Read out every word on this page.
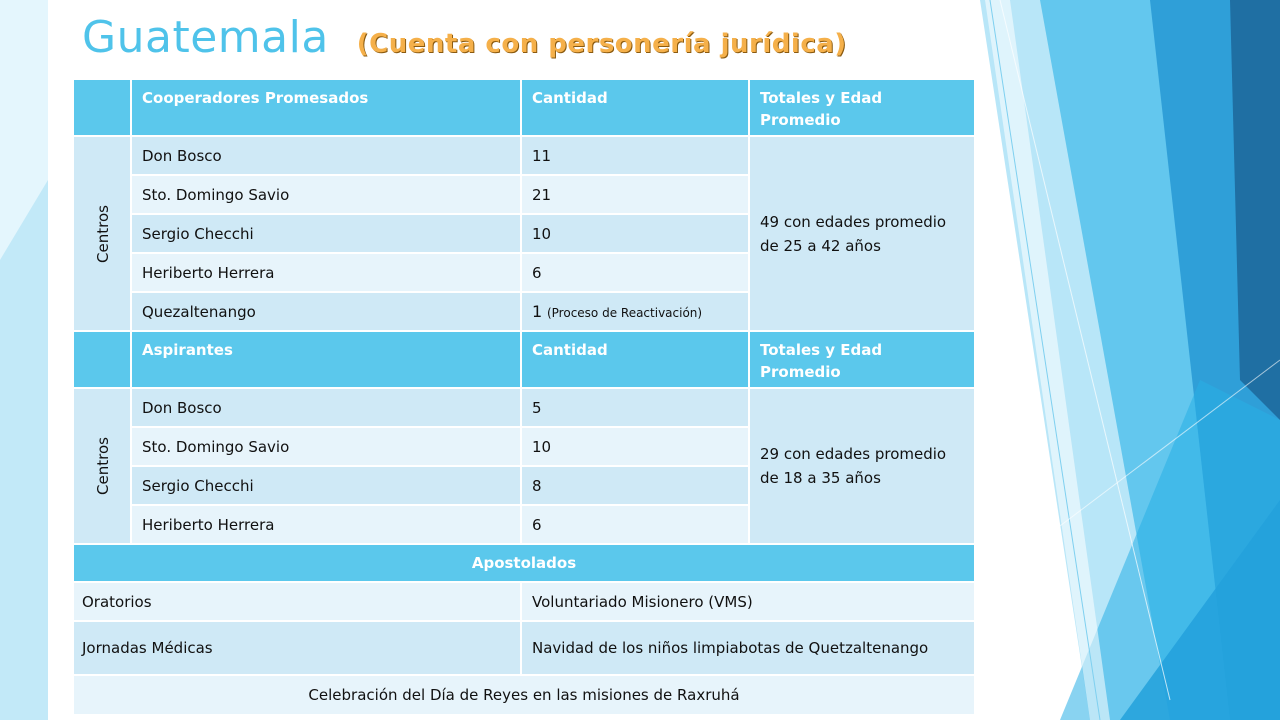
Guatemala (Cuenta con personería jurídica)
	Cooperadores Promesados	Cantidad	Totales y Edad Promedio
Centros	Don Bosco	11	49 con edades promedio de 25 a 42 años
	Sto. Domingo Savio	21	
	Sergio Checchi	10	
	Heriberto Herrera	6	
	Quezaltenango	1 (Proceso de Reactivación)	
	Aspirantes	Cantidad	Totales y Edad Promedio
Centros	Don Bosco	5	29 con edades promedio de 18 a 35 años
	Sto. Domingo Savio	10	
	Sergio Checchi	8	
	Heriberto Herrera	6	
Apostolados			
Oratorios		Voluntariado Misionero (VMS)	
Jornadas Médicas		Navidad de los niños limpiabotas de Quetzaltenango	
Celebración del Día de Reyes en las misiones de Raxruhá			
